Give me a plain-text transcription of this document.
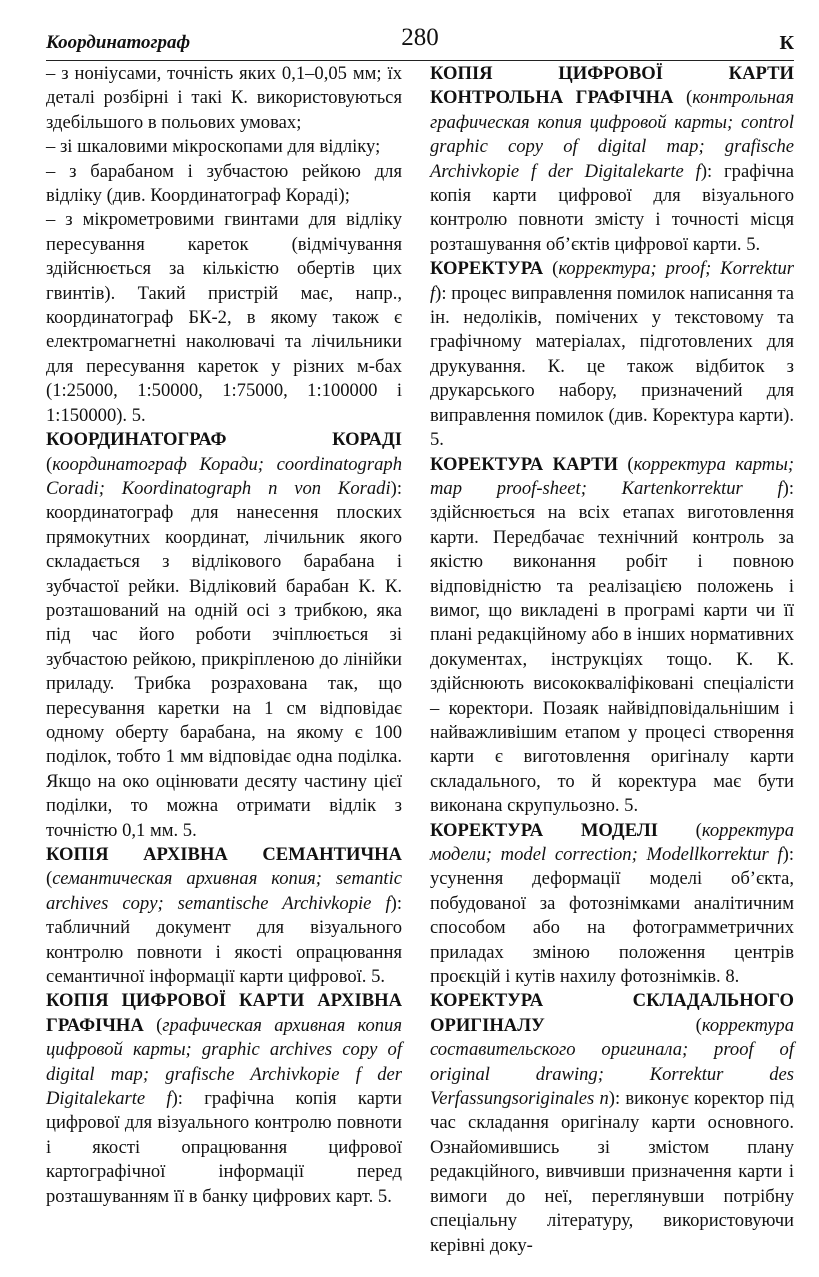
Координатограф	280	К

– з ноніусами, точність яких 0,1–0,05 мм; їх деталі розбірні і такі К. використовуються здебільшого в польових умовах;

– зі шкаловими мікроскопами для відліку;

– з барабаном і зубчастою рейкою для відліку (див. Координатограф Кораді);

– з мікрометровими гвинтами для відліку пересування кареток (відмічування здійснюється за кількістю обертів цих гвинтів). Такий пристрій має, напр., координатограф БК-2, в якому також є електромагнетні наколювачі та лічильники для пересування кареток у різних м-бах (1:25000, 1:50000, 1:75000, 1:100000 і 1:150000). 5.

КООРДИНАТОГРАФ КОРАДІ (координатограф Коради; coordinatograph Coradi; Koordinatograph n von Koradi): координатограф для нанесення плоских прямокутних координат, лічильник якого складається з відлікового барабана і зубчастої рейки. Відліковий барабан К. К. розташований на одній осі з трибкою, яка під час його роботи зчіплюється зі зубчастою рейкою, прикріпленою до лінійки приладу. Трибка розрахована так, що пересування каретки на 1 см відповідає одному оберту барабана, на якому є 100 поділок, тобто 1 мм відповідає одна поділка. Якщо на око оцінювати десяту частину цієї поділки, то можна отримати відлік з точністю 0,1 мм. 5.

КОПІЯ АРХІВНА СЕМАНТИЧНА (семантическая архивная копия; semantic archives copy; semantische Archivkopie f): табличний документ для візуального контролю повноти і якості опрацювання семантичної інформації карти цифрової. 5.

КОПІЯ ЦИФРОВОЇ КАРТИ АРХІВНА ГРАФІЧНА (графическая архивная копия цифровой карты; graphic archives copy of digital map; grafische Archivkopie f der Digitalekarte f): графічна копія карти цифрової для візуального контролю повноти і якості опрацювання цифрової картографічної інформації перед розташуванням її в банку цифрових карт. 5.

КОПІЯ ЦИФРОВОЇ КАРТИ КОНТРОЛЬНА ГРАФІЧНА (контрольная графическая копия цифровой карты; control graphic copy of digital map; grafische Archivkopie f der Digitalekarte f): графічна копія карти цифрової для візуального контролю повноти змісту і точності місця розташування об’єктів цифрової карти. 5.

КОРЕКТУРА (корректура; proof; Korrektur f): процес виправлення помилок написання та ін. недоліків, помічених у текстовому та графічному матеріалах, підготовлених для друкування. К. це також відбиток з друкарського набору, призначений для виправлення помилок (див. Коректура карти). 5.

КОРЕКТУРА КАРТИ (корректура карты; map proof-sheet; Kartenkorrektur f): здійснюється на всіх етапах виготовлення карти. Передбачає технічний контроль за якістю виконання робіт і повною відповідністю та реалізацією положень і вимог, що викладені в програмі карти чи її плані редакційному або в інших нормативних документах, інструкціях тощо. К. К. здійснюють висококваліфіковані спеціалісти – коректори. Позаяк найвідповідальнішим і найважливішим етапом у процесі створення карти є виготовлення оригіналу карти складального, то й коректура має бути виконана скрупульозно. 5.

КОРЕКТУРА МОДЕЛІ (корректура модели; model correction; Modellkorrektur f): усунення деформації моделі об’єкта, побудованої за фотознімками аналітичним способом або на фотограмметричних приладах зміною положення центрів проєкцій і кутів нахилу фотознімків. 8.

КОРЕКТУРА СКЛАДАЛЬНОГО ОРИГІНАЛУ (корректура составительского оригинала; proof of original drawing; Korrektur des Verfassungsoriginales n): виконує коректор під час складання оригіналу карти основного. Ознайомившись зі змістом плану редакційного, вивчивши призначення карти і вимоги до неї, переглянувши потрібну спеціальну літературу, використовуючи керівні доку-
